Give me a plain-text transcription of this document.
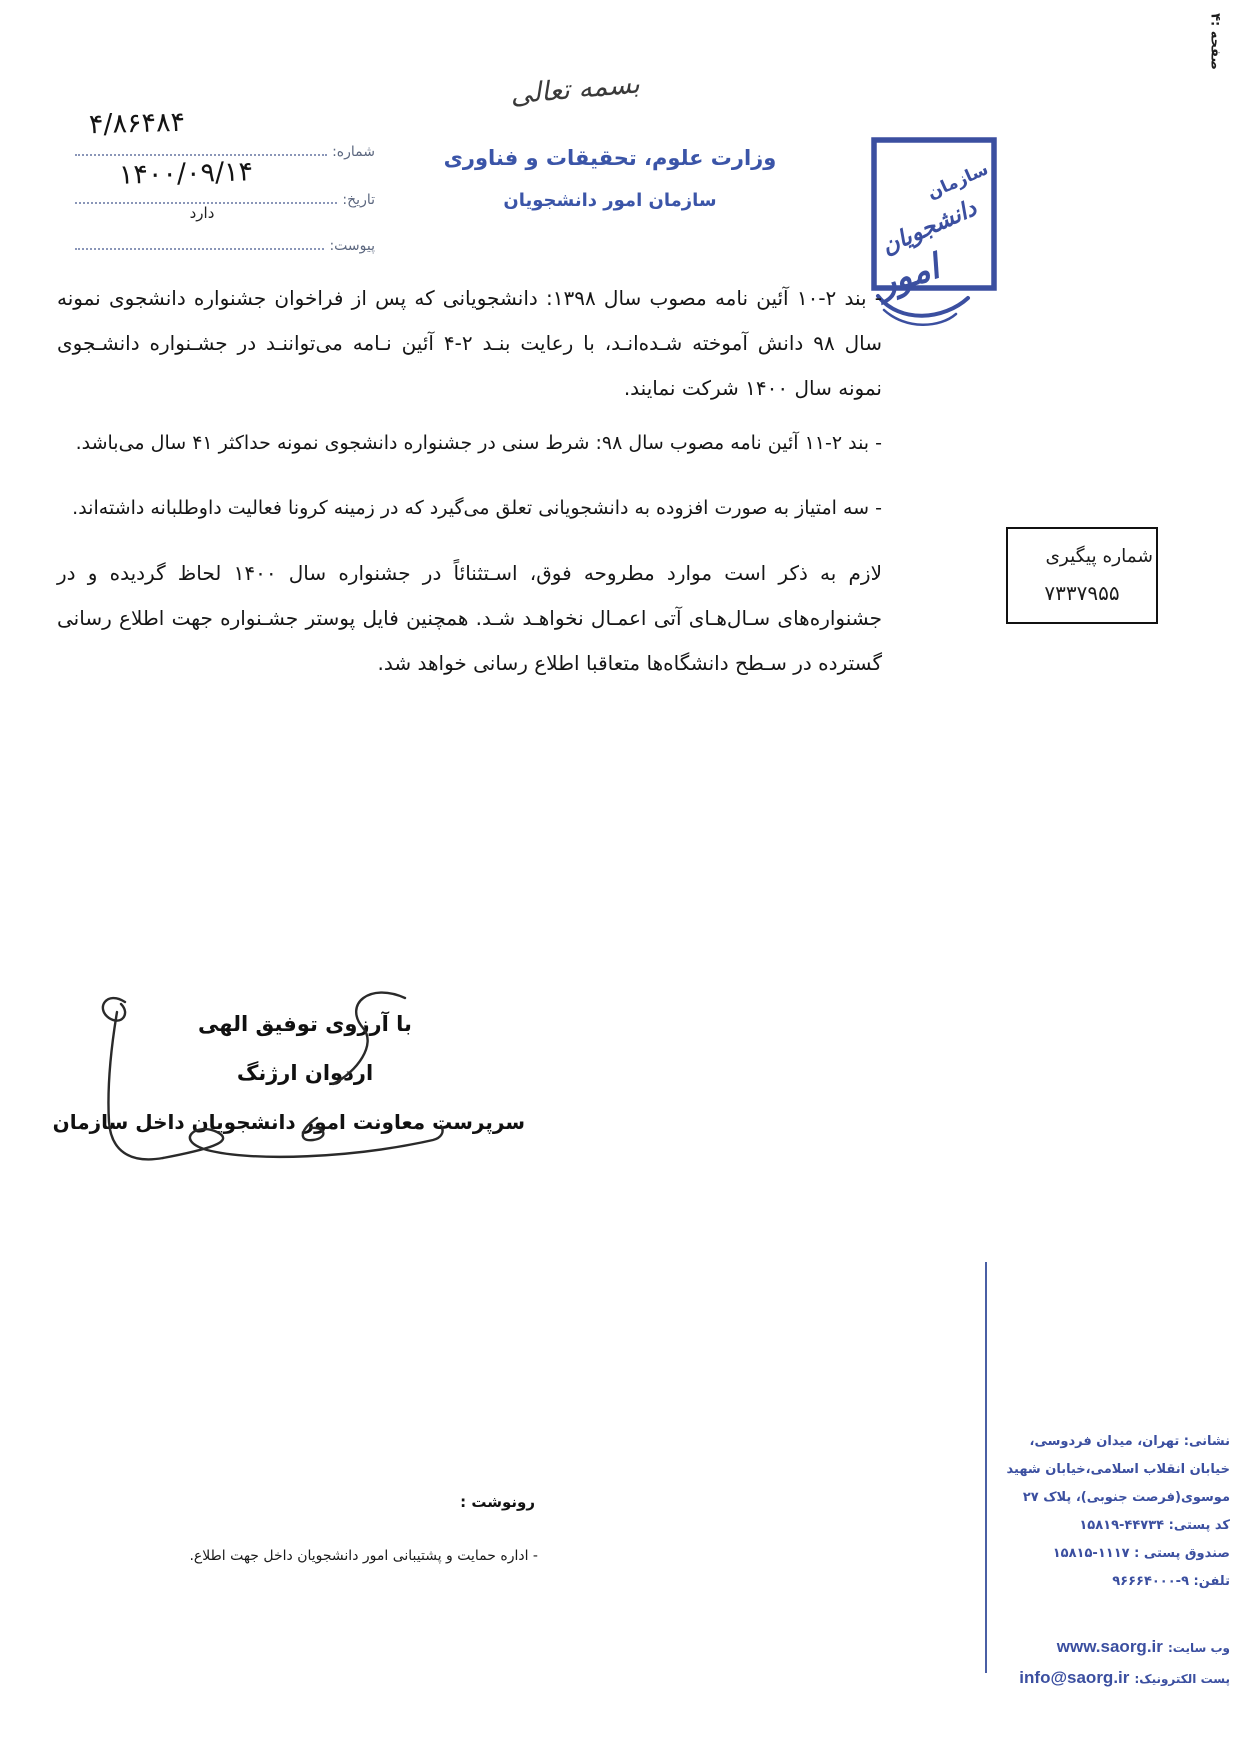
صفحه :۴
بسمه تعالی
وزارت علوم، تحقیقات و فناوری
سازمان امور دانشجویان
شماره:
۴/۸۶۴۸۴
تاریخ:
۱۴۰۰/۰۹/۱۴
پیوست:
دارد
سازمان
دانشجویان
امور
شماره پیگیری
۷۳۳۷۹۵۵
- بند ۲-۱۰ آئین نامه مصوب سال ۱۳۹۸: دانشجویانی که پس از فراخوان جشنواره دانشجوی نمونه سال ۹۸ دانش آموخته شـده‌انـد، با رعایت بنـد ۲-۴ آئین نـامه می‌تواننـد در جشـنواره دانشـجوی نمونه سال ۱۴۰۰ شرکت نمایند.
- بند ۲-۱۱ آئین نامه مصوب سال ۹۸: شرط سنی در جشنواره دانشجوی نمونه حداکثر ۴۱ سال می‌باشد.
- سه امتیاز به صورت افزوده به دانشجویانی تعلق می‌گیرد که در زمینه کرونا فعالیت داوطلبانه داشته‌اند.
لازم به ذکر است موارد مطروحه فوق، اسـتثنائاً در جشنواره سال ۱۴۰۰ لحاظ گردیده و در جشنواره‌های سـال‌هـای آتی اعمـال نخواهـد شـد. همچنین فایل پوستر جشـنواره جهت اطلاع رسانی گسترده در سـطح دانشگاه‌ها متعاقبا اطلاع رسانی خواهد شد.
با آرزوی توفیق الهی
اردوان ارژنگ
سرپرست معاونت امور دانشجویان داخل سازمان
نشانی: تهران، میدان فردوسی،
خیابان انقلاب اسلامی،خیابان شهید
موسوی(فرصت جنوبی)، پلاک ۲۷
کد پستی: ۱۵۸۱۹-۴۴۷۳۴
صندوق پستی : ۱۵۸۱۵-۱۱۱۷
تلفن: ۹۶۶۶۴۰۰۰-۹
وب سایت: www.saorg.ir
پست الکترونیک: info@saorg.ir
رونوشت :
- اداره حمایت و پشتیبانی امور دانشجویان داخل جهت اطلاع.
